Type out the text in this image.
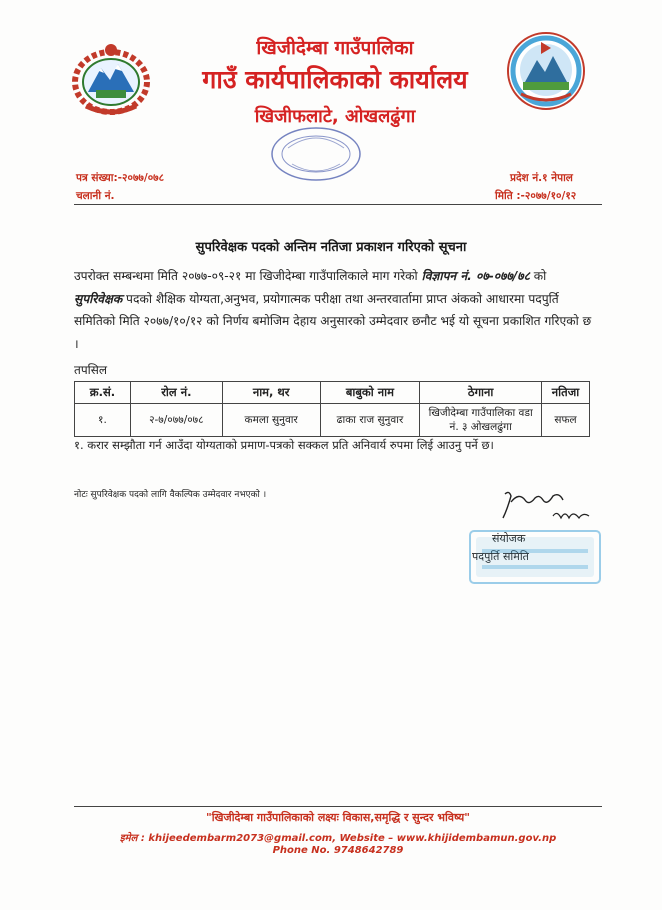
खिजीदेम्बा गाउँपालिका
गाउँ कार्यपालिकाको कार्यालय
खिजीफलाटे, ओखलढुंगा
पत्र संख्या:-२०७७/०७८
चलानी नं.
प्रदेश नं.१ नेपाल
मिति :-२०७७/१०/१२
सुपरिवेक्षक पदको अन्तिम नतिजा प्रकाशन गरिएको सूचना
उपरोक्त सम्बन्धमा मिति २०७७-०९-२१ मा खिजीदेम्बा गाउँपालिकाले माग गरेको विज्ञापन नं. ०७-०७७/७८ को सुपरिवेक्षक पदको शैक्षिक योग्यता,अनुभव, प्रयोगात्मक परीक्षा तथा अन्तरवार्तामा प्राप्त अंकको आधारमा पदपुर्ति समितिको मिति २०७७/१०/१२ को निर्णय बमोजिम देहाय अनुसारको उम्मेदवार छनौट भई यो सूचना प्रकाशित गरिएको छ ।
तपसिल
क्र.सं.	रोल नं.	नाम, थर	बाबुको नाम	ठेगाना	नतिजा
१.	२-७/०७७/०७८	कमला सुनुवार	ढाका राज सुनुवार	खिजीदेम्बा गाउँपालिका वडा नं. ३ ओखलढुंगा	सफल
१. करार सम्झौता गर्न आउँदा योग्यताको प्रमाण-पत्रको सक्कल प्रति अनिवार्य रुपमा लिई आउनु पर्ने छ।
नोटः सुपरिवेक्षक पदको लागि वैकल्पिक उम्मेदवार नभएको ।
संयोजक
पदपुर्ति समिति
"खिजीदेम्बा गाउँपालिकाको लक्ष्यः विकास,समृद्धि र सुन्दर भविष्य"
इमेल : khijeedembarm2073@gmail.com, Website – www.khijidembamun.gov.np
Phone No. 9748642789
